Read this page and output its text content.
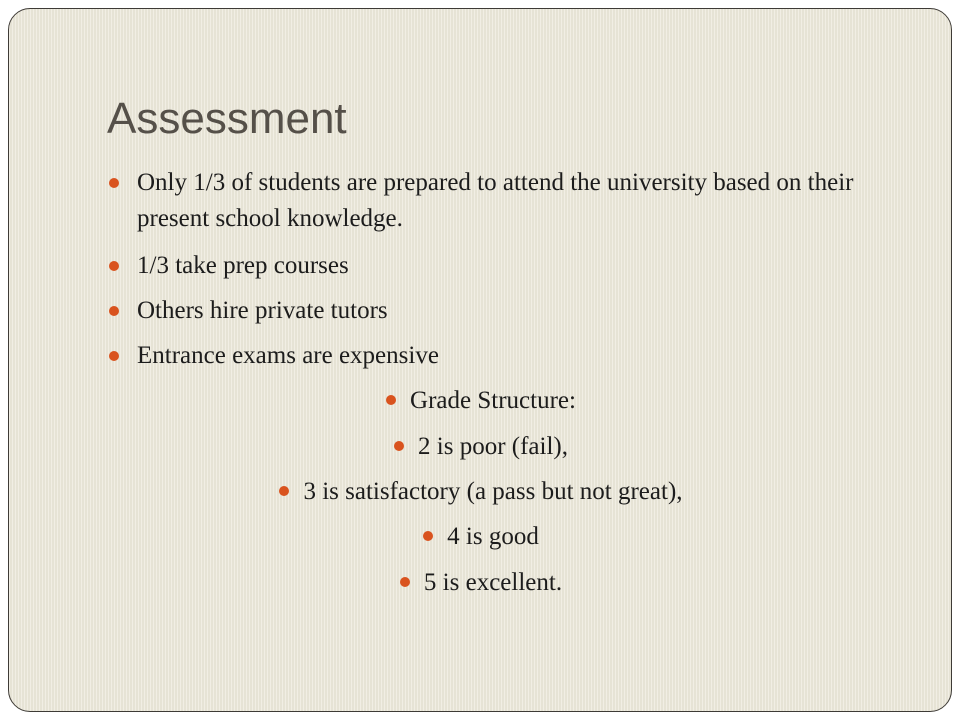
Assessment
Only 1/3 of students are prepared to attend the university based on their present school knowledge.
1/3 take prep courses
Others hire private tutors
Entrance exams are expensive
Grade Structure:
2 is poor (fail),
3 is satisfactory (a pass but not great),
4 is good
5 is excellent.
